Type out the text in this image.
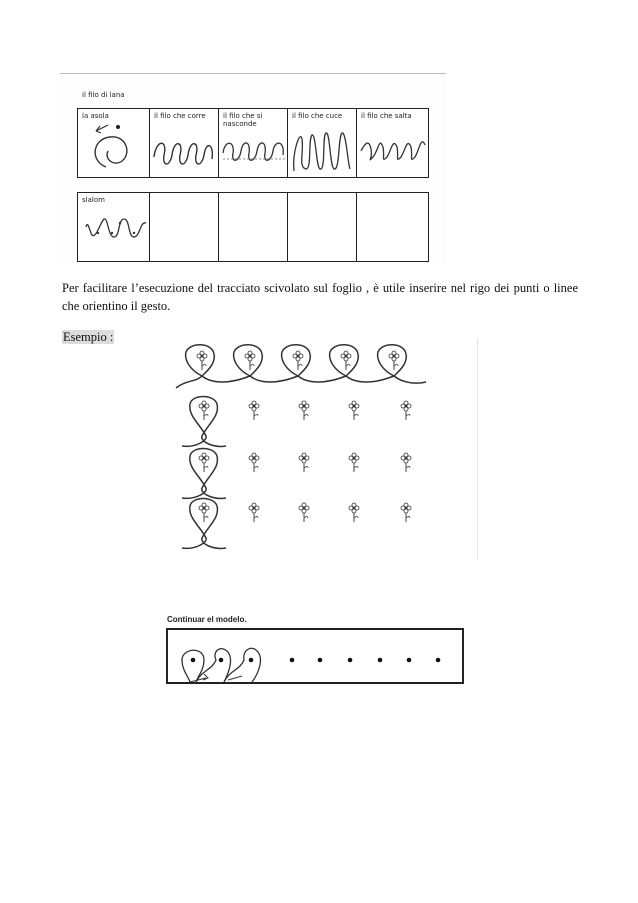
il filo di lana
la asola	il filo che corre il filo che si nasconde
il filo che cuce	il filo che salta
slalom
Per facilitare l’esecuzione del tracciato scivolato sul foglio , è utile inserire nel rigo dei punti o linee che orientino il gesto.
Esempio :
Continuar el modelo.
